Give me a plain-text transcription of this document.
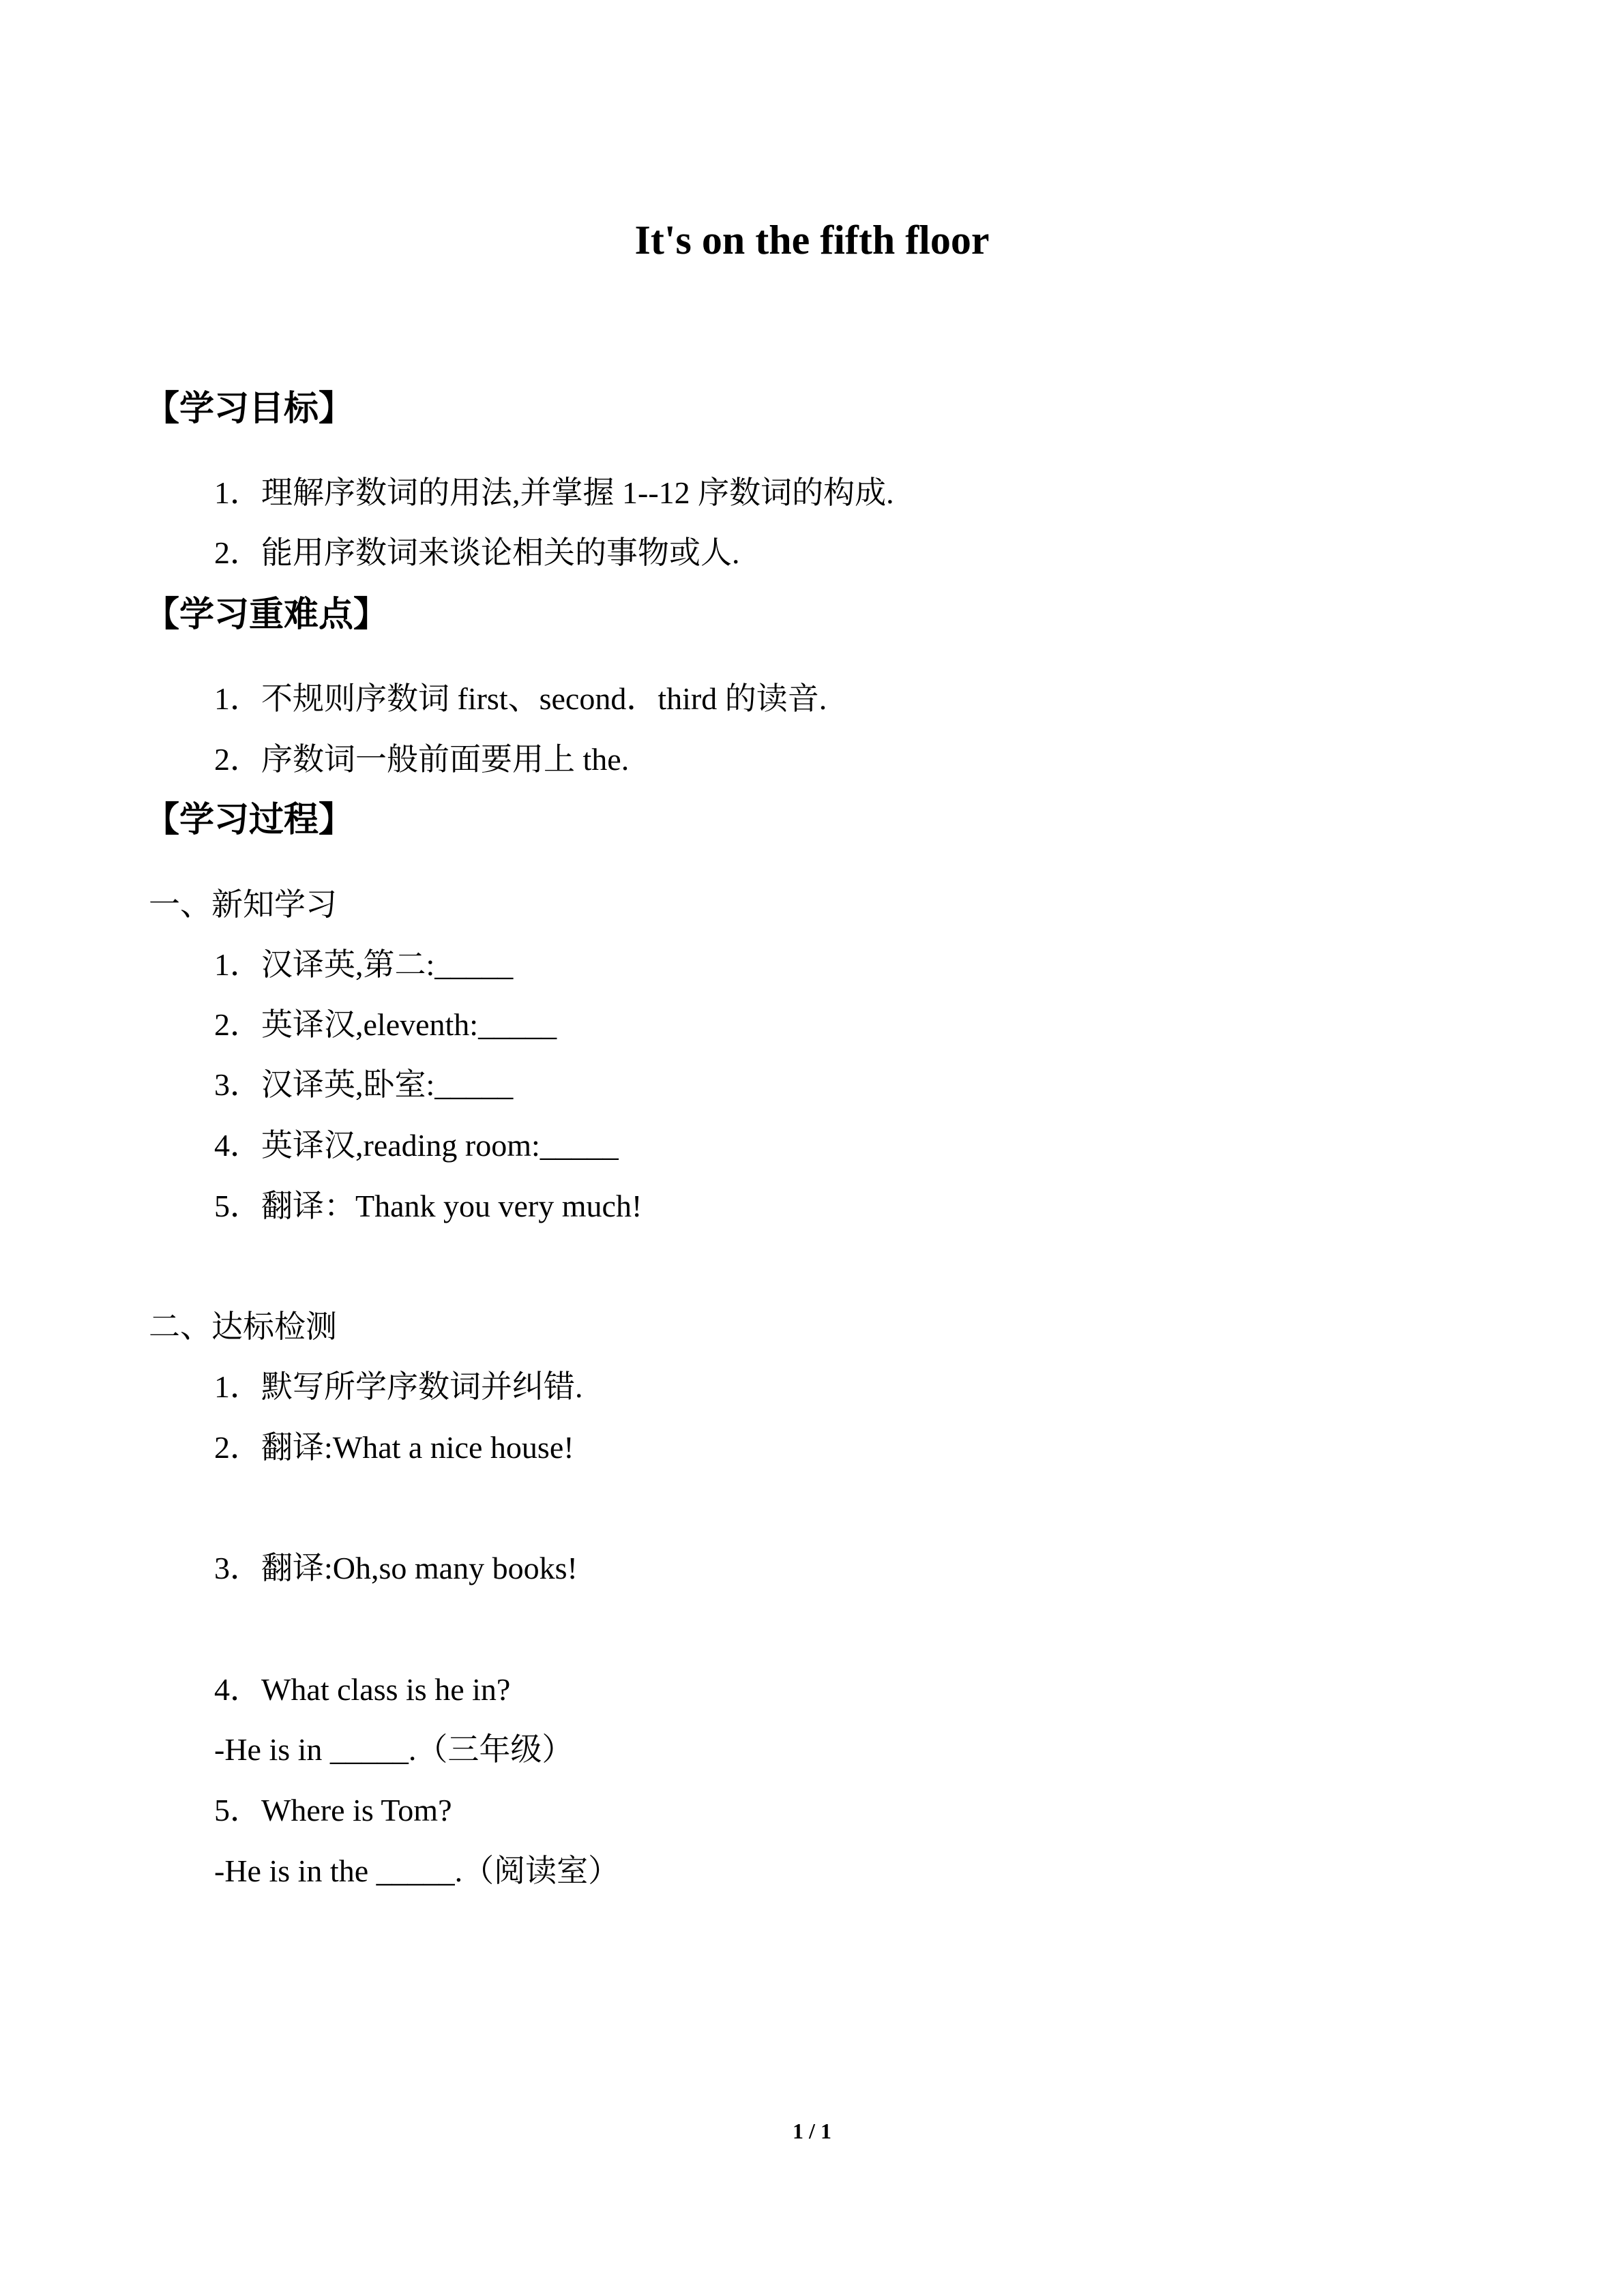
It's on the fifth floor
【学习目标】
1．理解序数词的用法,并掌握 1--12 序数词的构成.
2．能用序数词来谈论相关的事物或人.
【学习重难点】
1．不规则序数词 first、second．third 的读音.
2．序数词一般前面要用上 the.
【学习过程】
一、新知学习
1．汉译英,第二:_____
2．英译汉,eleventh:_____
3．汉译英,卧室:_____
4．英译汉,reading room:_____
5．翻译：Thank you very much!
二、达标检测
1．默写所学序数词并纠错.
2．翻译:What a nice house!
3．翻译:Oh,so many books!
4．What class is he in?
-He is in _____.（三年级）
5．Where is Tom?
-He is in the _____.（阅读室）
1 / 1
